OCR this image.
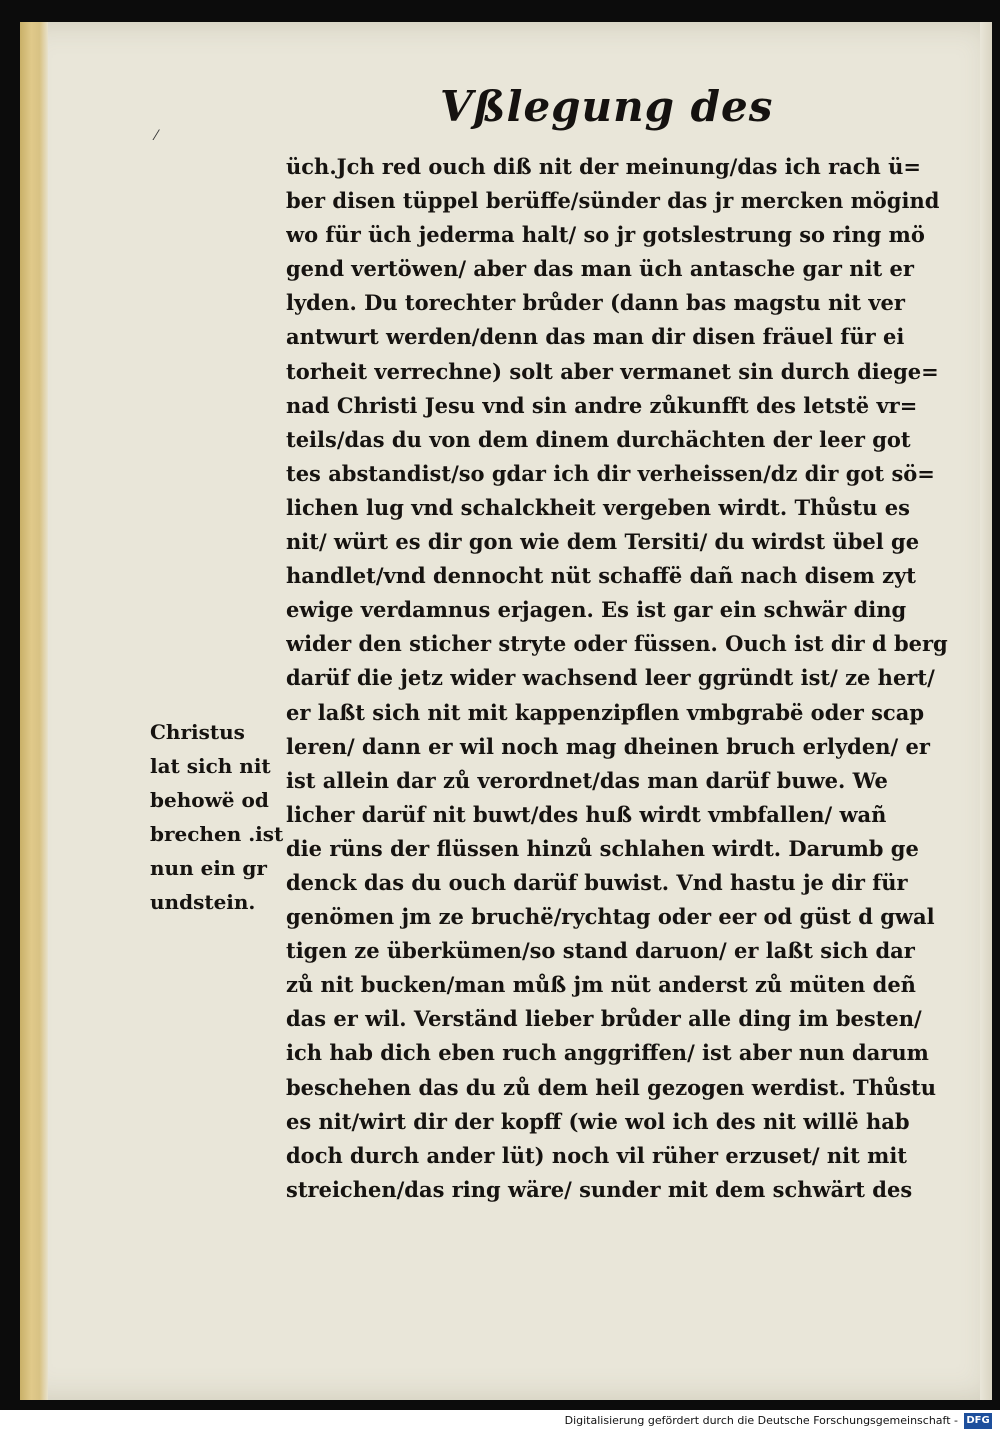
⁄
Vßlegung des
üch.Jch red ouch diß nit der meinung/das ich rach ü=
ber disen tüppel berüffe/sünder das jr mercken mögind
wo für üch jederma halt/ so jr gotslestrung so ring mö
gend vertöwen/ aber das man üch antasche gar nit er
lyden. Du torechter brůder (dann bas magstu nit ver
antwurt werden/denn das man dir disen fräuel für ei
torheit verrechne) solt aber vermanet sin durch diege=
nad Christi Jesu vnd sin andre zůkunfft des letstë vr=
teils/das du von dem dinem durchächten der leer got
tes abstandist/so gdar ich dir verheissen/dz dir got sö=
lichen lug vnd schalckheit vergeben wirdt. Thůstu es
nit/ würt es dir gon wie dem Tersiti/ du wirdst übel ge
handlet/vnd dennocht nüt schaffë dañ nach disem zyt
ewige verdamnus erjagen. Es ist gar ein schwär ding
wider den sticher stryte oder füssen. Ouch ist dir d berg
darüf die jetz wider wachsend leer ggründt ist/ ze hert/
er laßt sich nit mit kappenzipflen vmbgrabë oder scap
leren/ dann er wil noch mag dheinen bruch erlyden/ er
ist allein dar zů verordnet/das man darüf buwe. We
licher darüf nit buwt/des huß wirdt vmbfallen/ wañ
die rüns der flüssen hinzů schlahen wirdt. Darumb ge
denck das du ouch darüf buwist. Vnd hastu je dir für
genömen jm ze bruchë/rychtag oder eer od güst d gwal
tigen ze überkümen/so stand daruon/ er laßt sich dar
zů nit bucken/man můß jm nüt anderst zů müten deñ
das er wil. Verständ lieber brůder alle ding im besten/
ich hab dich eben ruch anggriffen/ ist aber nun darum
beschehen das du zů dem heil gezogen werdist. Thůstu
es nit/wirt dir der kopff (wie wol ich des nit willë hab
doch durch ander lüt) noch vil rüher erzuset/ nit mit
streichen/das ring wäre/ sunder mit dem schwärt des
Christus
lat sich nit
behowë od
brechen .ist
nun ein gr
undstein.
Digitalisierung gefördert durch die Deutsche Forschungsgemeinschaft - DFG
